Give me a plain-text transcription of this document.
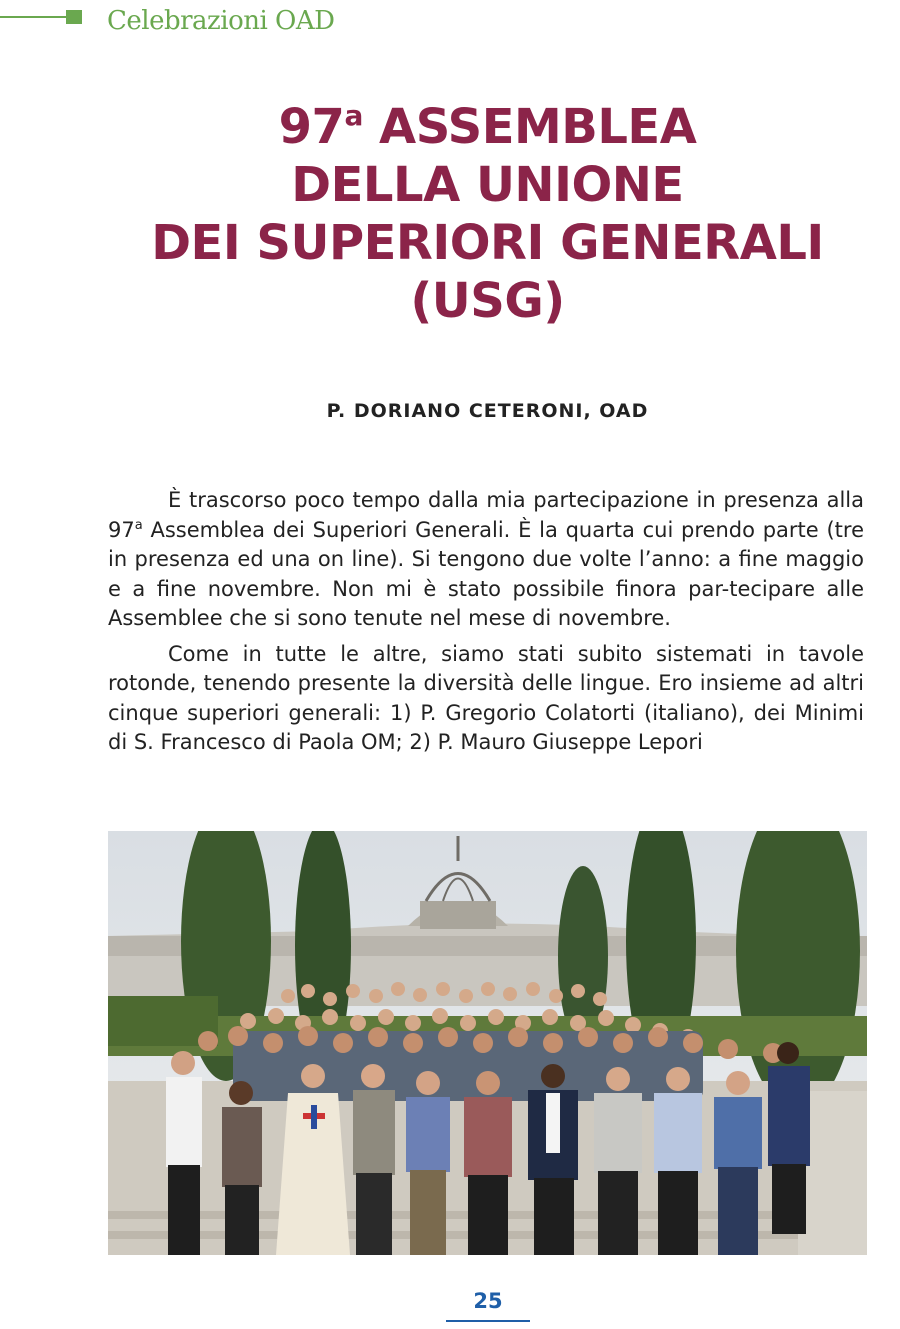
Celebrazioni OAD
97$^a$ ASSEMBLEA
DELLA UNIONE
DEI SUPERIORI GENERALI
(USG)
P. DORIANO CETERONI, OAD

È trascorso poco tempo dalla mia partecipazione in presenza alla 97$^a$ Assemblea dei Superiori Generali. È la quarta cui prendo parte (tre in presenza ed una on line). Si tengono due volte l’anno: a fine maggio e a fine novembre. Non mi è stato possibile finora par-tecipare alle Assemblee che si sono tenute nel mese di novembre.

Come in tutte le altre, siamo stati subito sistemati in tavole rotonde, tenendo presente la diversità delle lingue. Ero insieme ad altri cinque superiori generali: 1) P. Gregorio Colatorti (italiano), dei Minimi di S. Francesco di Paola OM; 2) P. Mauro Giuseppe Lepori

25
